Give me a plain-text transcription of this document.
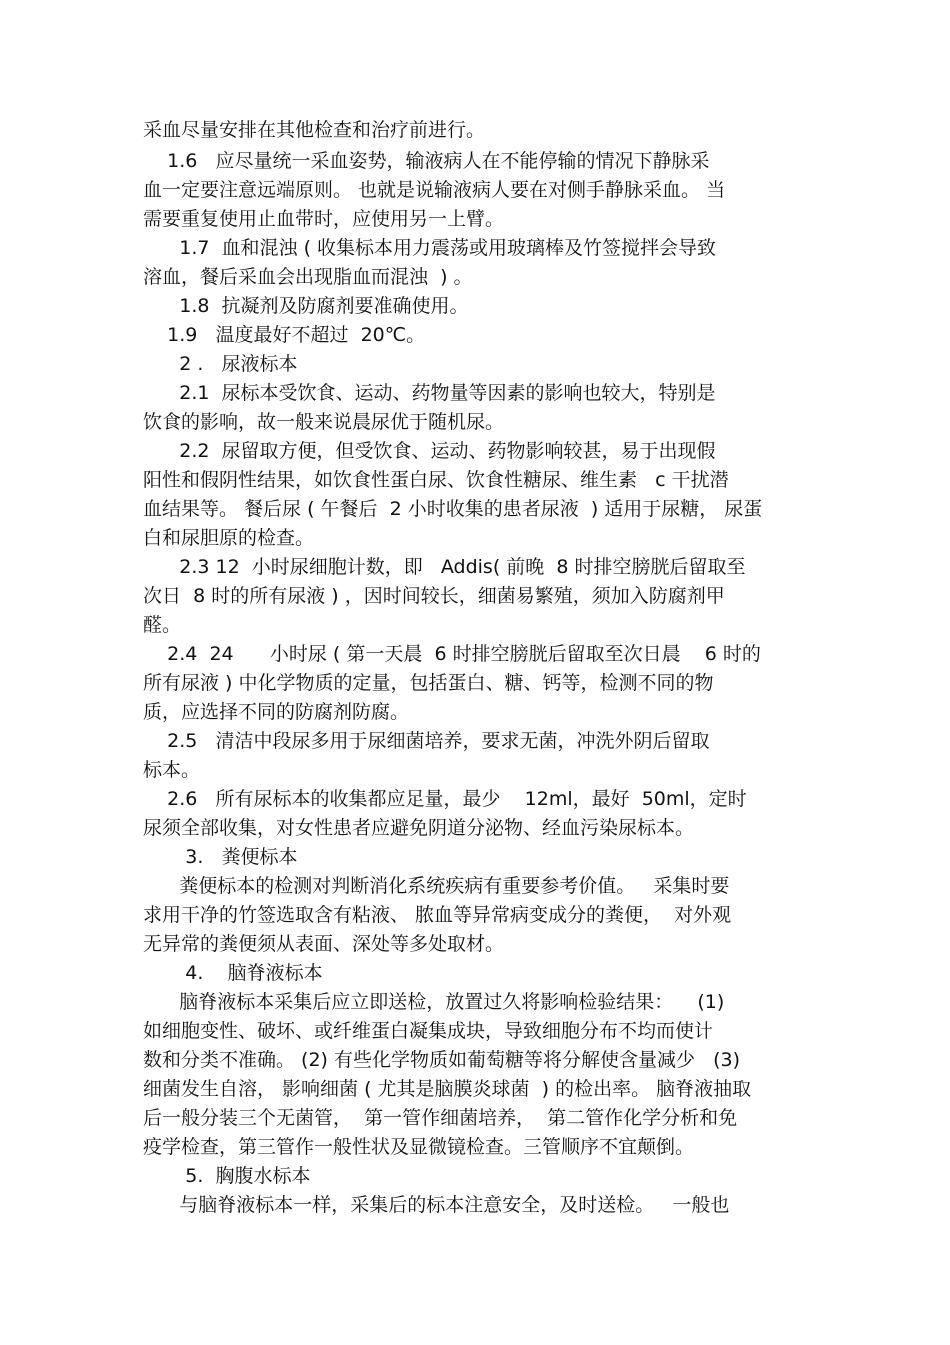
采血尽量安排在其他检查和治疗前进行。
1.6   应尽量统一采血姿势，输液病人在不能停输的情况下静脉采
血一定要注意远端原则。 也就是说输液病人要在对侧手静脉采血。 当
需要重复使用止血带时，应使用另一上臂。
1.7  血和混浊 ( 收集标本用力震荡或用玻璃棒及竹签搅拌会导致
溶血，餐后采血会出现脂血而混浊  ) 。
1.8  抗凝剂及防腐剂要准确使用。
1.9   温度最好不超过  20℃。
2 .   尿液标本
2.1  尿标本受饮食、运动、药物量等因素的影响也较大，特别是
饮食的影响，故一般来说晨尿优于随机尿。
2.2  尿留取方便，但受饮食、运动、药物影响较甚，易于出现假
阳性和假阴性结果，如饮食性蛋白尿、饮食性糖尿、维生素   c 干扰潜
血结果等。 餐后尿 ( 午餐后  2 小时收集的患者尿液  ) 适用于尿糖， 尿蛋
白和尿胆原的检查。
2.3 12  小时尿细胞计数，即   Addis( 前晚  8 时排空膀胱后留取至
次日  8 时的所有尿液 ) ，因时间较长，细菌易繁殖，须加入防腐剂甲
醛。
2.4  24      小时尿 ( 第一天晨  6 时排空膀胱后留取至次日晨    6 时的
所有尿液 ) 中化学物质的定量，包括蛋白、糖、钙等，检测不同的物
质，应选择不同的防腐剂防腐。
2.5   清洁中段尿多用于尿细菌培养，要求无菌，冲洗外阴后留取
标本。
2.6   所有尿标本的收集都应足量，最少    12ml，最好  50ml，定时
尿须全部收集，对女性患者应避免阴道分泌物、经血污染尿标本。
3.   粪便标本
粪便标本的检测对判断消化系统疾病有重要参考价值。   采集时要
求用干净的竹签选取含有粘液、 脓血等异常病变成分的粪便，  对外观
无异常的粪便须从表面、深处等多处取材。
4.    脑脊液标本
脑脊液标本采集后应立即送检，放置过久将影响检验结果：    (1)
如细胞变性、破坏、或纤维蛋白凝集成块，导致细胞分布不均而使计
数和分类不准确。 (2) 有些化学物质如葡萄糖等将分解使含量减少   (3)
细菌发生自溶， 影响细菌 ( 尤其是脑膜炎球菌  ) 的检出率。 脑脊液抽取
后一般分装三个无菌管，  第一管作细菌培养，  第二管作化学分析和免
疫学检查，第三管作一般性状及显微镜检查。三管顺序不宜颠倒。
5.  胸腹水标本
与脑脊液标本一样，采集后的标本注意安全，及时送检。   一般也
